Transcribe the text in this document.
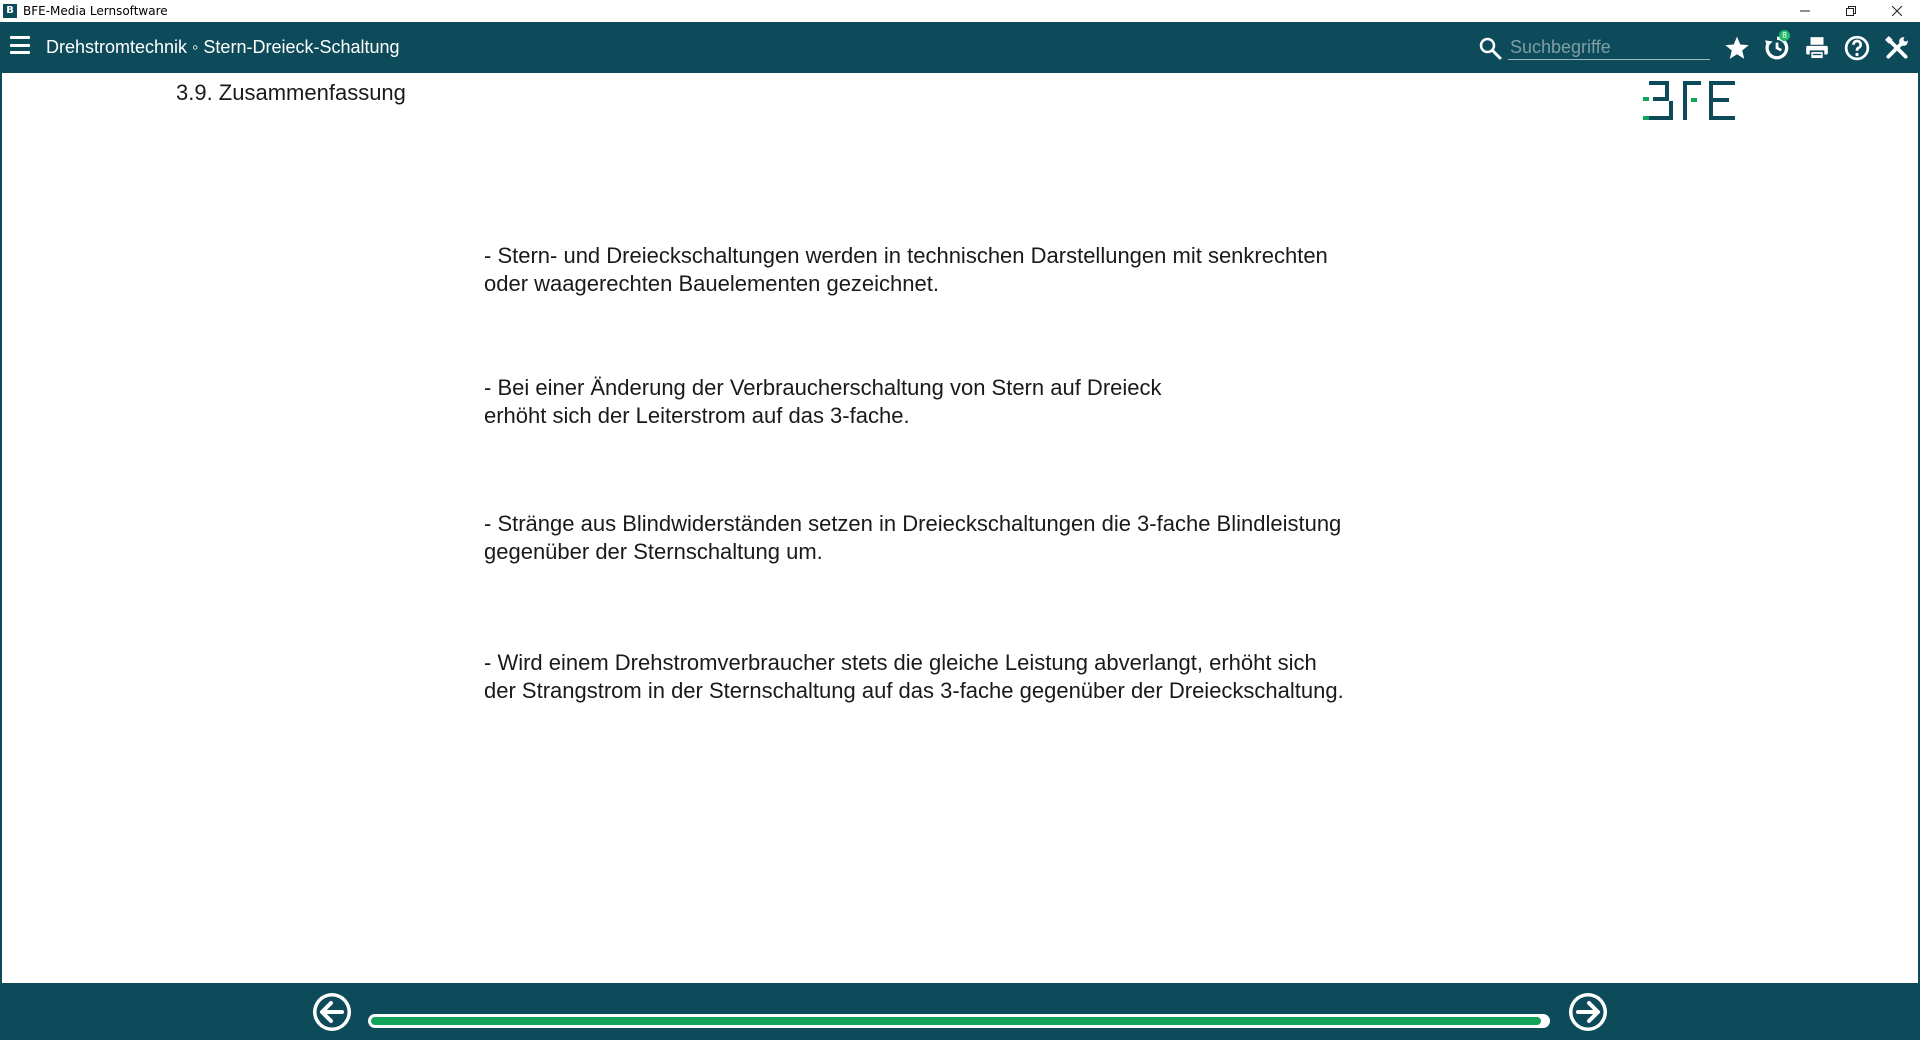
B BFE-Media Lernsoftware
Drehstromtechnik ◦ Stern-Dreieck-Schaltung
Suchbegriffe
8
3.9. Zusammenfassung
- Stern- und Dreieckschaltungen werden in technischen Darstellungen mit senkrechten
oder waagerechten Bauelementen gezeichnet.
- Bei einer Änderung der Verbraucherschaltung von Stern auf Dreieck
erhöht sich der Leiterstrom auf das 3-fache.
- Stränge aus Blindwiderständen setzen in Dreieckschaltungen die 3-fache Blindleistung
gegenüber der Sternschaltung um.
- Wird einem Drehstromverbraucher stets die gleiche Leistung abverlangt, erhöht sich
der Strangstrom in der Sternschaltung auf das 3-fache gegenüber der Dreieckschaltung.
